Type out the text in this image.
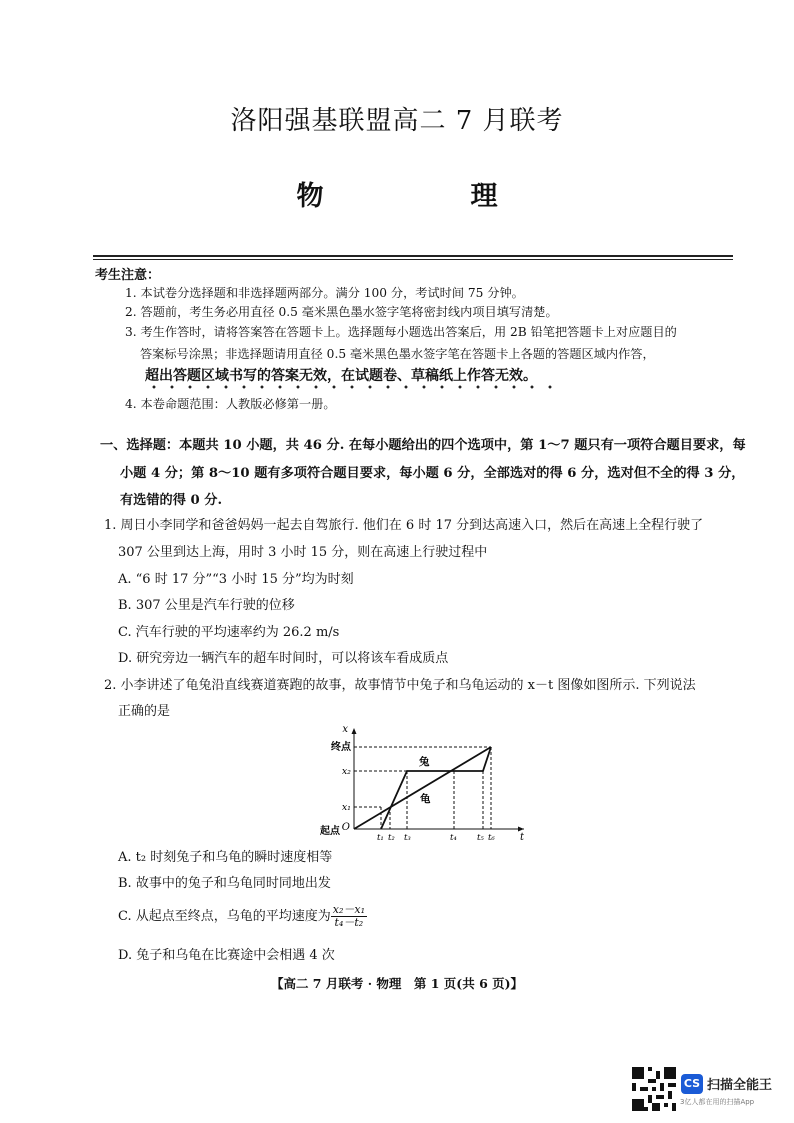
洛阳强基联盟高二 7 月联考
物　理
考生注意：
1. 本试卷分选择题和非选择题两部分。满分 100 分，考试时间 75 分钟。
2. 答题前，考生务必用直径 0.5 毫米黑色墨水签字笔将密封线内项目填写清楚。
3. 考生作答时，请将答案答在答题卡上。选择题每小题选出答案后，用 2B 铅笔把答题卡上对应题目的
答案标号涂黑；非选择题请用直径 0.5 毫米黑色墨水签字笔在答题卡上各题的答题区域内作答，
超出答题区域书写的答案无效，在试题卷、草稿纸上作答无效。
4. 本卷命题范围：人教版必修第一册。
一、选择题：本题共 10 小题，共 46 分. 在每小题给出的四个选项中，第 1～7 题只有一项符合题目要求，每
小题 4 分；第 8～10 题有多项符合题目要求，每小题 6 分，全部选对的得 6 分，选对但不全的得 3 分，
有选错的得 0 分.
1. 周日小李同学和爸爸妈妈一起去自驾旅行. 他们在 6 时 17 分到达高速入口，然后在高速上全程行驶了
307 公里到达上海，用时 3 小时 15 分，则在高速上行驶过程中
A. “6 时 17 分”“3 小时 15 分”均为时刻
B. 307 公里是汽车行驶的位移
C. 汽车行驶的平均速率约为 26.2 m/s
D. 研究旁边一辆汽车的超车时间时，可以将该车看成质点
2. 小李讲述了龟兔沿直线赛道赛跑的故事，故事情节中兔子和乌龟运动的 x－t 图像如图所示. 下列说法
正确的是
x
t
O
起点
终点
x₂
x₁
兔
龟
t₁ t₂ t₃	t₄ t₅ t₆
A. t₂ 时刻兔子和乌龟的瞬时速度相等
B. 故事中的兔子和乌龟同时同地出发
C. 从起点至终点，乌龟的平均速度为 $\frac{\text{x₂－x₁}}{\text{t₄－t₂}}$
D. 兔子和乌龟在比赛途中会相遇 4 次
【高二 7 月联考 · 物理　第 1 页(共 6 页)】
CS 扫描全能王
3亿人都在用的扫描App
